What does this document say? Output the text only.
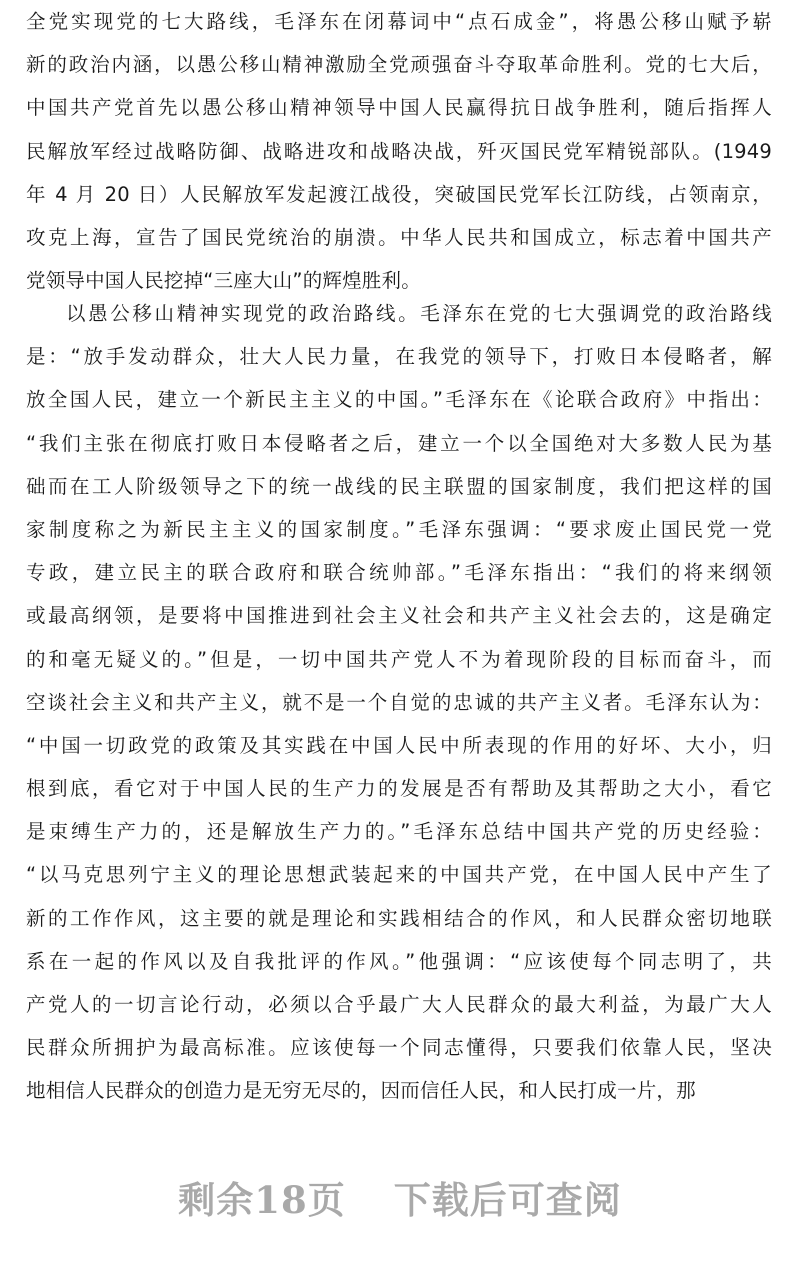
全党实现党的七大路线，毛泽东在闭幕词中“点石成金”，将愚公移山赋予崭
新的政治内涵，以愚公移山精神激励全党顽强奋斗夺取革命胜利。党的七大后，
中国共产党首先以愚公移山精神领导中国人民赢得抗日战争胜利，随后指挥人
民解放军经过战略防御、战略进攻和战略决战，歼灭国民党军精锐部队。(1949
年 4 月 20 日）人民解放军发起渡江战役，突破国民党军长江防线，占领南京，
攻克上海，宣告了国民党统治的崩溃。中华人民共和国成立，标志着中国共产
党领导中国人民挖掉“三座大山”的辉煌胜利。
以愚公移山精神实现党的政治路线。毛泽东在党的七大强调党的政治路线
是：“放手发动群众，壮大人民力量，在我党的领导下，打败日本侵略者，解
放全国人民，建立一个新民主主义的中国。”毛泽东在《论联合政府》中指出：
“我们主张在彻底打败日本侵略者之后，建立一个以全国绝对大多数人民为基
础而在工人阶级领导之下的统一战线的民主联盟的国家制度，我们把这样的国
家制度称之为新民主主义的国家制度。”毛泽东强调：“要求废止国民党一党
专政，建立民主的联合政府和联合统帅部。”毛泽东指出：“我们的将来纲领
或最高纲领，是要将中国推进到社会主义社会和共产主义社会去的，这是确定
的和毫无疑义的。”但是，一切中国共产党人不为着现阶段的目标而奋斗，而
空谈社会主义和共产主义，就不是一个自觉的忠诚的共产主义者。毛泽东认为：
“中国一切政党的政策及其实践在中国人民中所表现的作用的好坏、大小，归
根到底，看它对于中国人民的生产力的发展是否有帮助及其帮助之大小，看它
是束缚生产力的，还是解放生产力的。”毛泽东总结中国共产党的历史经验：
“以马克思列宁主义的理论思想武装起来的中国共产党，在中国人民中产生了
新的工作作风，这主要的就是理论和实践相结合的作风，和人民群众密切地联
系在一起的作风以及自我批评的作风。”他强调：“应该使每个同志明了，共
产党人的一切言论行动，必须以合乎最广大人民群众的最大利益，为最广大人
民群众所拥护为最高标准。应该使每一个同志懂得，只要我们依靠人民，坚决
地相信人民群众的创造力是无穷无尽的，因而信任人民，和人民打成一片，那
剩余18页 下载后可查阅
